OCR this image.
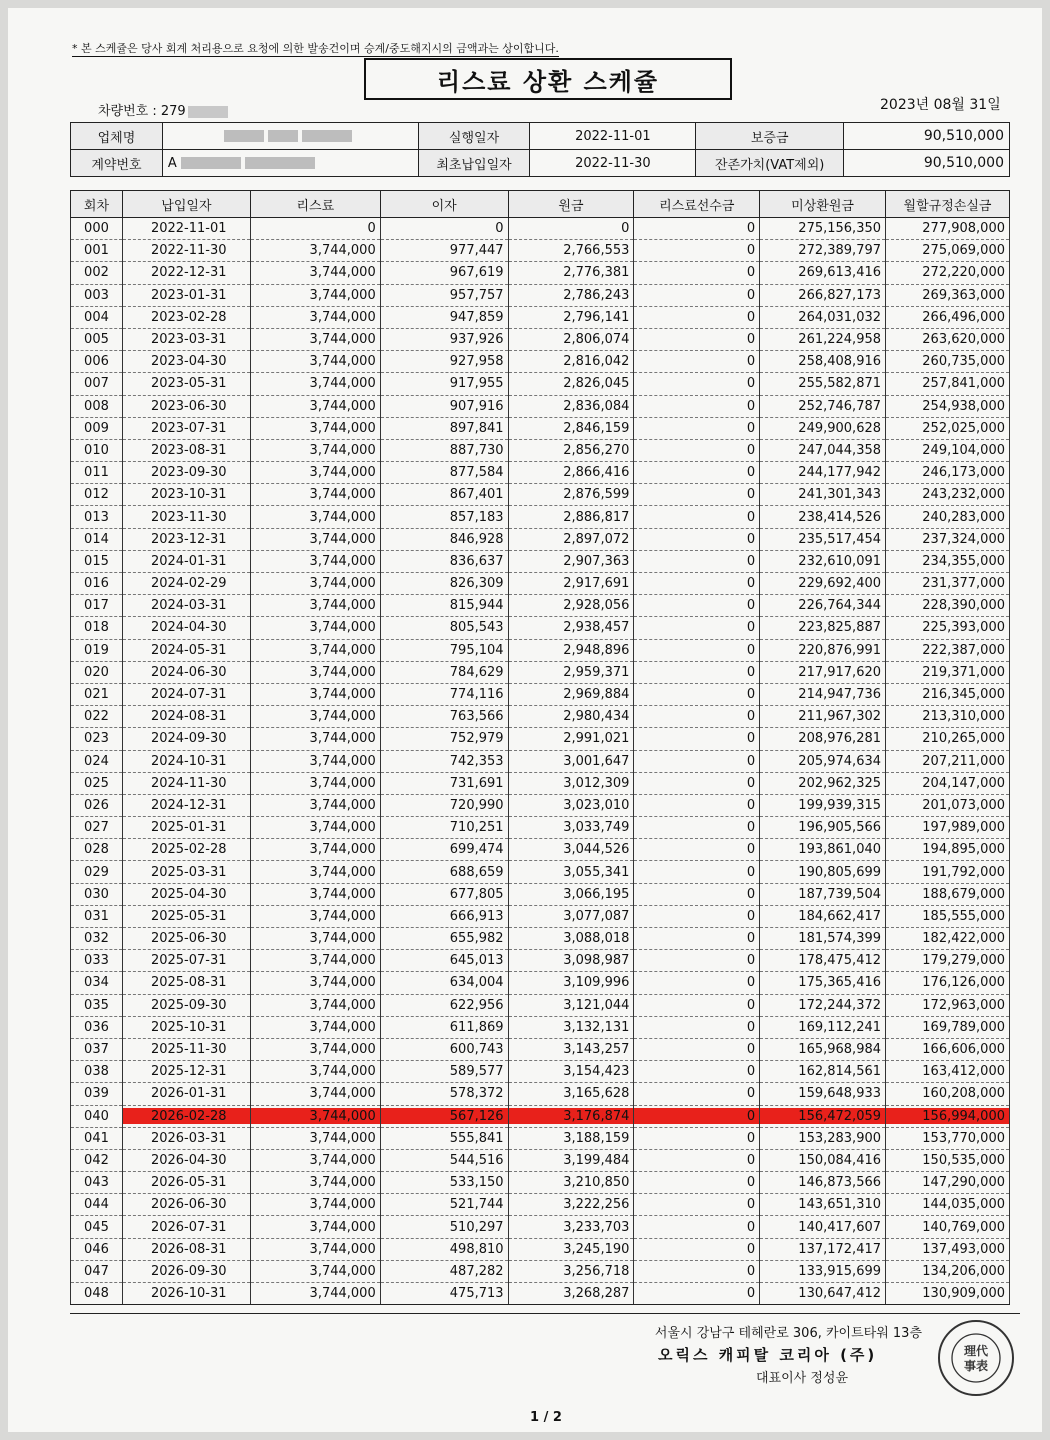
* 본 스케쥴은 당사 회계 처리용으로 요청에 의한 발송건이며 승계/중도해지시의 금액과는 상이합니다.
리스료 상환 스케쥴
차량번호 : 279	2023년 08월 31일
업체명		실행일자	2022-11-01	보증금	90,510,000
계약번호	A	최초납입일자	2022-11-30	잔존가치(VAT제외)	90,510,000
회차	납입일자	리스료	이자	원금	리스료선수금	미상환원금	월할규정손실금
000	2022-11-01	0	0	0	0	275,156,350	277,908,000
001	2022-11-30	3,744,000	977,447	2,766,553	0	272,389,797	275,069,000
002	2022-12-31	3,744,000	967,619	2,776,381	0	269,613,416	272,220,000
003	2023-01-31	3,744,000	957,757	2,786,243	0	266,827,173	269,363,000
004	2023-02-28	3,744,000	947,859	2,796,141	0	264,031,032	266,496,000
005	2023-03-31	3,744,000	937,926	2,806,074	0	261,224,958	263,620,000
006	2023-04-30	3,744,000	927,958	2,816,042	0	258,408,916	260,735,000
007	2023-05-31	3,744,000	917,955	2,826,045	0	255,582,871	257,841,000
008	2023-06-30	3,744,000	907,916	2,836,084	0	252,746,787	254,938,000
009	2023-07-31	3,744,000	897,841	2,846,159	0	249,900,628	252,025,000
010	2023-08-31	3,744,000	887,730	2,856,270	0	247,044,358	249,104,000
011	2023-09-30	3,744,000	877,584	2,866,416	0	244,177,942	246,173,000
012	2023-10-31	3,744,000	867,401	2,876,599	0	241,301,343	243,232,000
013	2023-11-30	3,744,000	857,183	2,886,817	0	238,414,526	240,283,000
014	2023-12-31	3,744,000	846,928	2,897,072	0	235,517,454	237,324,000
015	2024-01-31	3,744,000	836,637	2,907,363	0	232,610,091	234,355,000
016	2024-02-29	3,744,000	826,309	2,917,691	0	229,692,400	231,377,000
017	2024-03-31	3,744,000	815,944	2,928,056	0	226,764,344	228,390,000
018	2024-04-30	3,744,000	805,543	2,938,457	0	223,825,887	225,393,000
019	2024-05-31	3,744,000	795,104	2,948,896	0	220,876,991	222,387,000
020	2024-06-30	3,744,000	784,629	2,959,371	0	217,917,620	219,371,000
021	2024-07-31	3,744,000	774,116	2,969,884	0	214,947,736	216,345,000
022	2024-08-31	3,744,000	763,566	2,980,434	0	211,967,302	213,310,000
023	2024-09-30	3,744,000	752,979	2,991,021	0	208,976,281	210,265,000
024	2024-10-31	3,744,000	742,353	3,001,647	0	205,974,634	207,211,000
025	2024-11-30	3,744,000	731,691	3,012,309	0	202,962,325	204,147,000
026	2024-12-31	3,744,000	720,990	3,023,010	0	199,939,315	201,073,000
027	2025-01-31	3,744,000	710,251	3,033,749	0	196,905,566	197,989,000
028	2025-02-28	3,744,000	699,474	3,044,526	0	193,861,040	194,895,000
029	2025-03-31	3,744,000	688,659	3,055,341	0	190,805,699	191,792,000
030	2025-04-30	3,744,000	677,805	3,066,195	0	187,739,504	188,679,000
031	2025-05-31	3,744,000	666,913	3,077,087	0	184,662,417	185,555,000
032	2025-06-30	3,744,000	655,982	3,088,018	0	181,574,399	182,422,000
033	2025-07-31	3,744,000	645,013	3,098,987	0	178,475,412	179,279,000
034	2025-08-31	3,744,000	634,004	3,109,996	0	175,365,416	176,126,000
035	2025-09-30	3,744,000	622,956	3,121,044	0	172,244,372	172,963,000
036	2025-10-31	3,744,000	611,869	3,132,131	0	169,112,241	169,789,000
037	2025-11-30	3,744,000	600,743	3,143,257	0	165,968,984	166,606,000
038	2025-12-31	3,744,000	589,577	3,154,423	0	162,814,561	163,412,000
039	2026-01-31	3,744,000	578,372	3,165,628	0	159,648,933	160,208,000
040	2026-02-28	3,744,000	567,126	3,176,874	0	156,472,059	156,994,000
041	2026-03-31	3,744,000	555,841	3,188,159	0	153,283,900	153,770,000
042	2026-04-30	3,744,000	544,516	3,199,484	0	150,084,416	150,535,000
043	2026-05-31	3,744,000	533,150	3,210,850	0	146,873,566	147,290,000
044	2026-06-30	3,744,000	521,744	3,222,256	0	143,651,310	144,035,000
045	2026-07-31	3,744,000	510,297	3,233,703	0	140,417,607	140,769,000
046	2026-08-31	3,744,000	498,810	3,245,190	0	137,172,417	137,493,000
047	2026-09-30	3,744,000	487,282	3,256,718	0	133,915,699	134,206,000
048	2026-10-31	3,744,000	475,713	3,268,287	0	130,647,412	130,909,000
서울시 강남구 테헤란로 306, 카이트타워 13층
오릭스 캐피탈 코리아 (주)
대표이사 정성윤
理代
事表
1 / 2
